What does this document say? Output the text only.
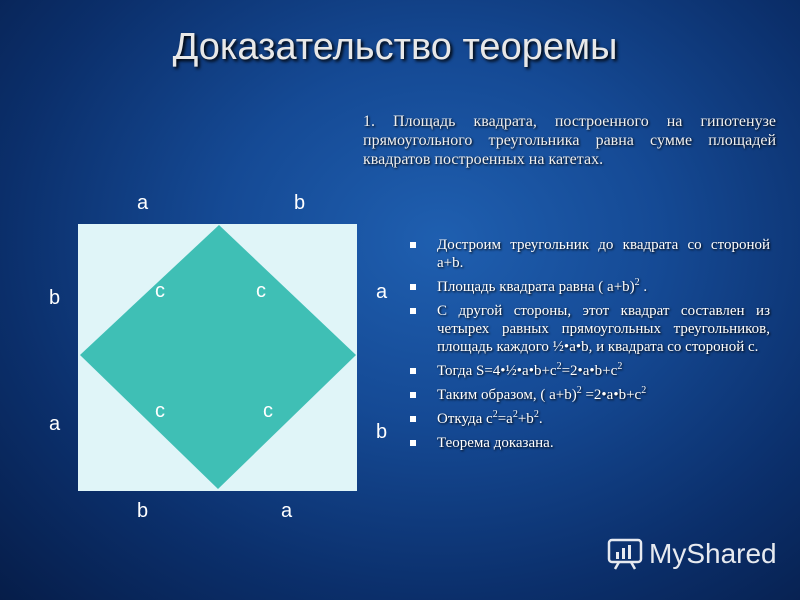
Доказательство теоремы
1. Площадь квадрата, построенного на гипотенузе прямоугольного треугольника равна сумме площадей квадратов построенных на катетах.
Достроим треугольник до квадрата со стороной a+b.
Площадь квадрата равна ( a+b)$^2$ .
С другой стороны, этот квадрат составлен из четырех равных прямоугольных треугольников, площадь каждого ½•a•b, и квадрата со стороной с.
Тогда $S=4•\frac{1}{2}•a•b+c^2=2•a•b+c^2$
Таким образом, ( $a+b)^2 =2•a•b+c^2$
Откуда $с^2=a^2+b^2$.
Теорема доказана.
a	b
b
a
a
b
b	a
c	c
c	c
MyShared
